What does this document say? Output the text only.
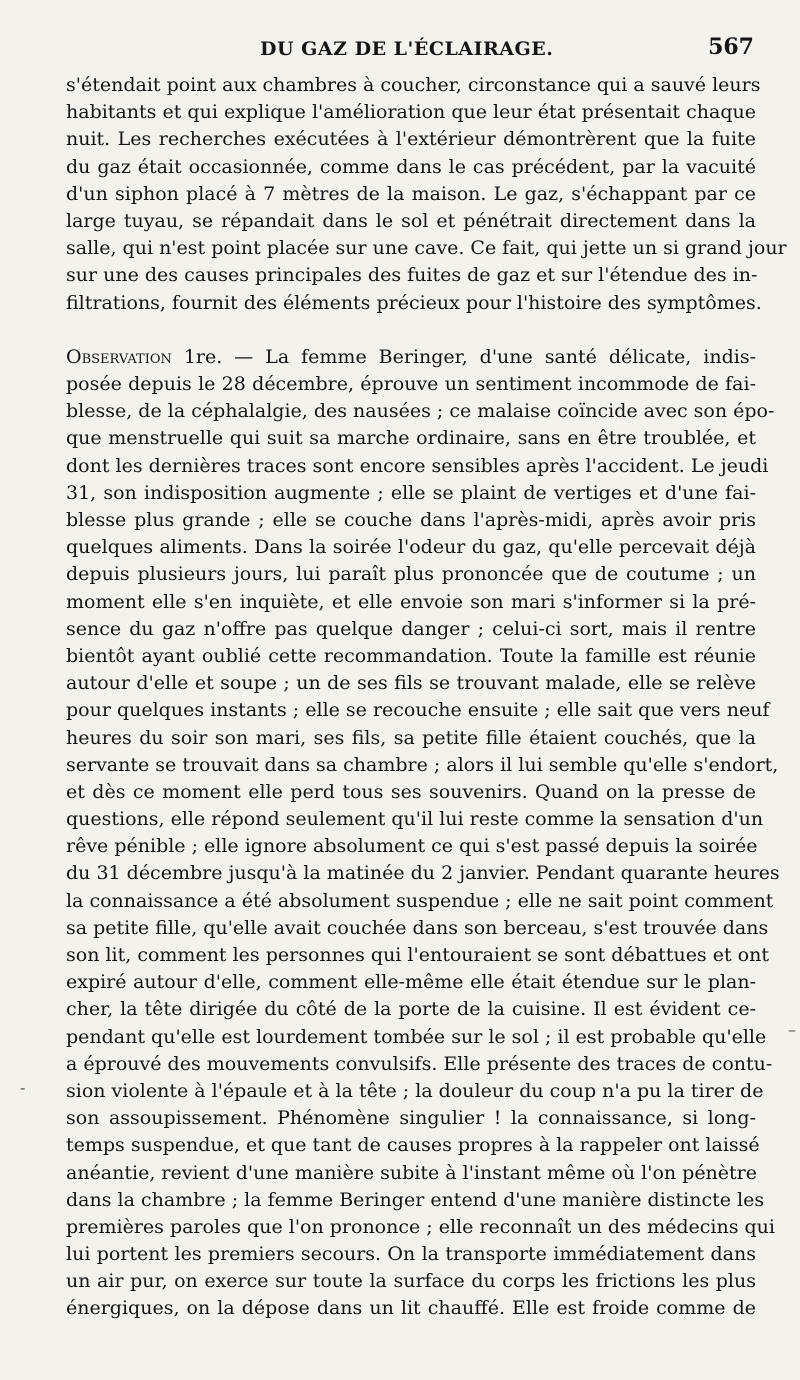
DU GAZ DE L'ÉCLAIRAGE.	567
s'étendait point aux chambres à coucher, circonstance qui a sauvé leurs
habitants et qui explique l'amélioration que leur état présentait chaque
nuit. Les recherches exécutées à l'extérieur démontrèrent que la fuite
du gaz était occasionnée, comme dans le cas précédent, par la vacuité
d'un siphon placé à 7 mètres de la maison. Le gaz, s'échappant par ce
large tuyau, se répandait dans le sol et pénétrait directement dans la
salle, qui n'est point placée sur une cave. Ce fait, qui jette un si grand jour
sur une des causes principales des fuites de gaz et sur l'étendue des in-
filtrations, fournit des éléments précieux pour l'histoire des symptômes.
Observation 1re. — La femme Beringer, d'une santé délicate, indis-
posée depuis le 28 décembre, éprouve un sentiment incommode de fai-
blesse, de la céphalalgie, des nausées ; ce malaise coïncide avec son épo-
que menstruelle qui suit sa marche ordinaire, sans en être troublée, et
dont les dernières traces sont encore sensibles après l'accident. Le jeudi
31, son indisposition augmente ; elle se plaint de vertiges et d'une fai-
blesse plus grande ; elle se couche dans l'après-midi, après avoir pris
quelques aliments. Dans la soirée l'odeur du gaz, qu'elle percevait déjà
depuis plusieurs jours, lui paraît plus prononcée que de coutume ; un
moment elle s'en inquiète, et elle envoie son mari s'informer si la pré-
sence du gaz n'offre pas quelque danger ; celui-ci sort, mais il rentre
bientôt ayant oublié cette recommandation. Toute la famille est réunie
autour d'elle et soupe ; un de ses fils se trouvant malade, elle se relève
pour quelques instants ; elle se recouche ensuite ; elle sait que vers neuf
heures du soir son mari, ses fils, sa petite fille étaient couchés, que la
servante se trouvait dans sa chambre ; alors il lui semble qu'elle s'endort,
et dès ce moment elle perd tous ses souvenirs. Quand on la presse de
questions, elle répond seulement qu'il lui reste comme la sensation d'un
rêve pénible ; elle ignore absolument ce qui s'est passé depuis la soirée
du 31 décembre jusqu'à la matinée du 2 janvier. Pendant quarante heures
la connaissance a été absolument suspendue ; elle ne sait point comment
sa petite fille, qu'elle avait couchée dans son berceau, s'est trouvée dans
son lit, comment les personnes qui l'entouraient se sont débattues et ont
expiré autour d'elle, comment elle-même elle était étendue sur le plan-
cher, la tête dirigée du côté de la porte de la cuisine. Il est évident ce-
pendant qu'elle est lourdement tombée sur le sol ; il est probable qu'elle
a éprouvé des mouvements convulsifs. Elle présente des traces de contu-
sion violente à l'épaule et à la tête ; la douleur du coup n'a pu la tirer de
son assoupissement. Phénomène singulier ! la connaissance, si long-
temps suspendue, et que tant de causes propres à la rappeler ont laissé
anéantie, revient d'une manière subite à l'instant même où l'on pénètre
dans la chambre ; la femme Beringer entend d'une manière distincte les
premières paroles que l'on prononce ; elle reconnaît un des médecins qui
lui portent les premiers secours. On la transporte immédiatement dans
un air pur, on exerce sur toute la surface du corps les frictions les plus
énergiques, on la dépose dans un lit chauffé. Elle est froide comme de
–
-
